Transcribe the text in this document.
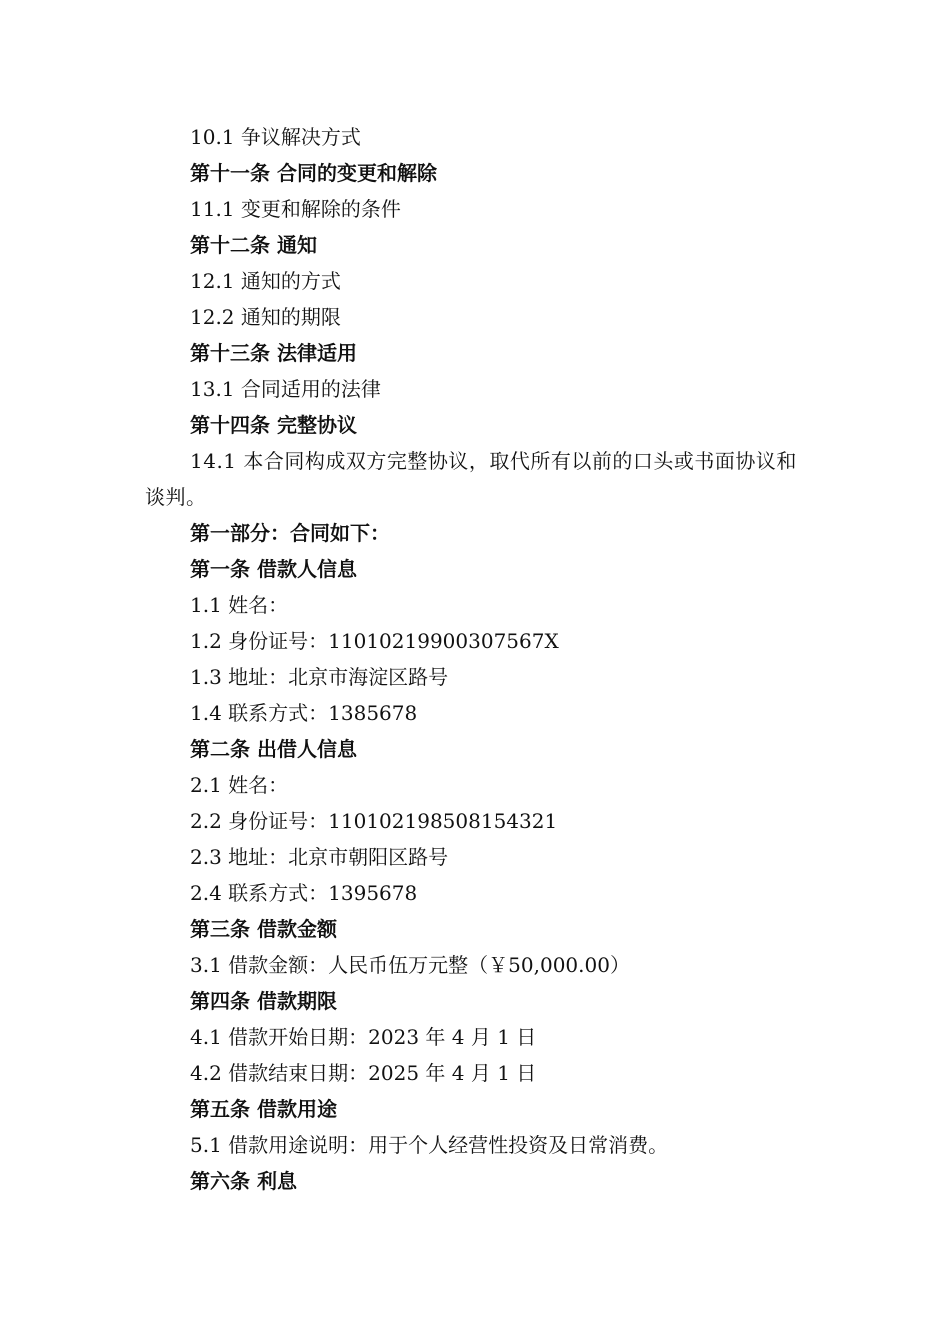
10.1 争议解决方式
第十一条 合同的变更和解除
11.1 变更和解除的条件
第十二条 通知
12.1 通知的方式
12.2 通知的期限
第十三条 法律适用
13.1 合同适用的法律
第十四条 完整协议
14.1 本合同构成双方完整协议，取代所有以前的口头或书面协议和谈判。
第一部分：合同如下：
第一条 借款人信息
1.1 姓名：
1.2 身份证号：11010219900307567X
1.3 地址：北京市海淀区路号
1.4 联系方式：1385678
第二条 出借人信息
2.1 姓名：
2.2 身份证号：110102198508154321
2.3 地址：北京市朝阳区路号
2.4 联系方式：1395678
第三条 借款金额
3.1 借款金额：人民币伍万元整（￥50,000.00）
第四条 借款期限
4.1 借款开始日期：2023 年 4 月 1 日
4.2 借款结束日期：2025 年 4 月 1 日
第五条 借款用途
5.1 借款用途说明：用于个人经营性投资及日常消费。
第六条 利息
